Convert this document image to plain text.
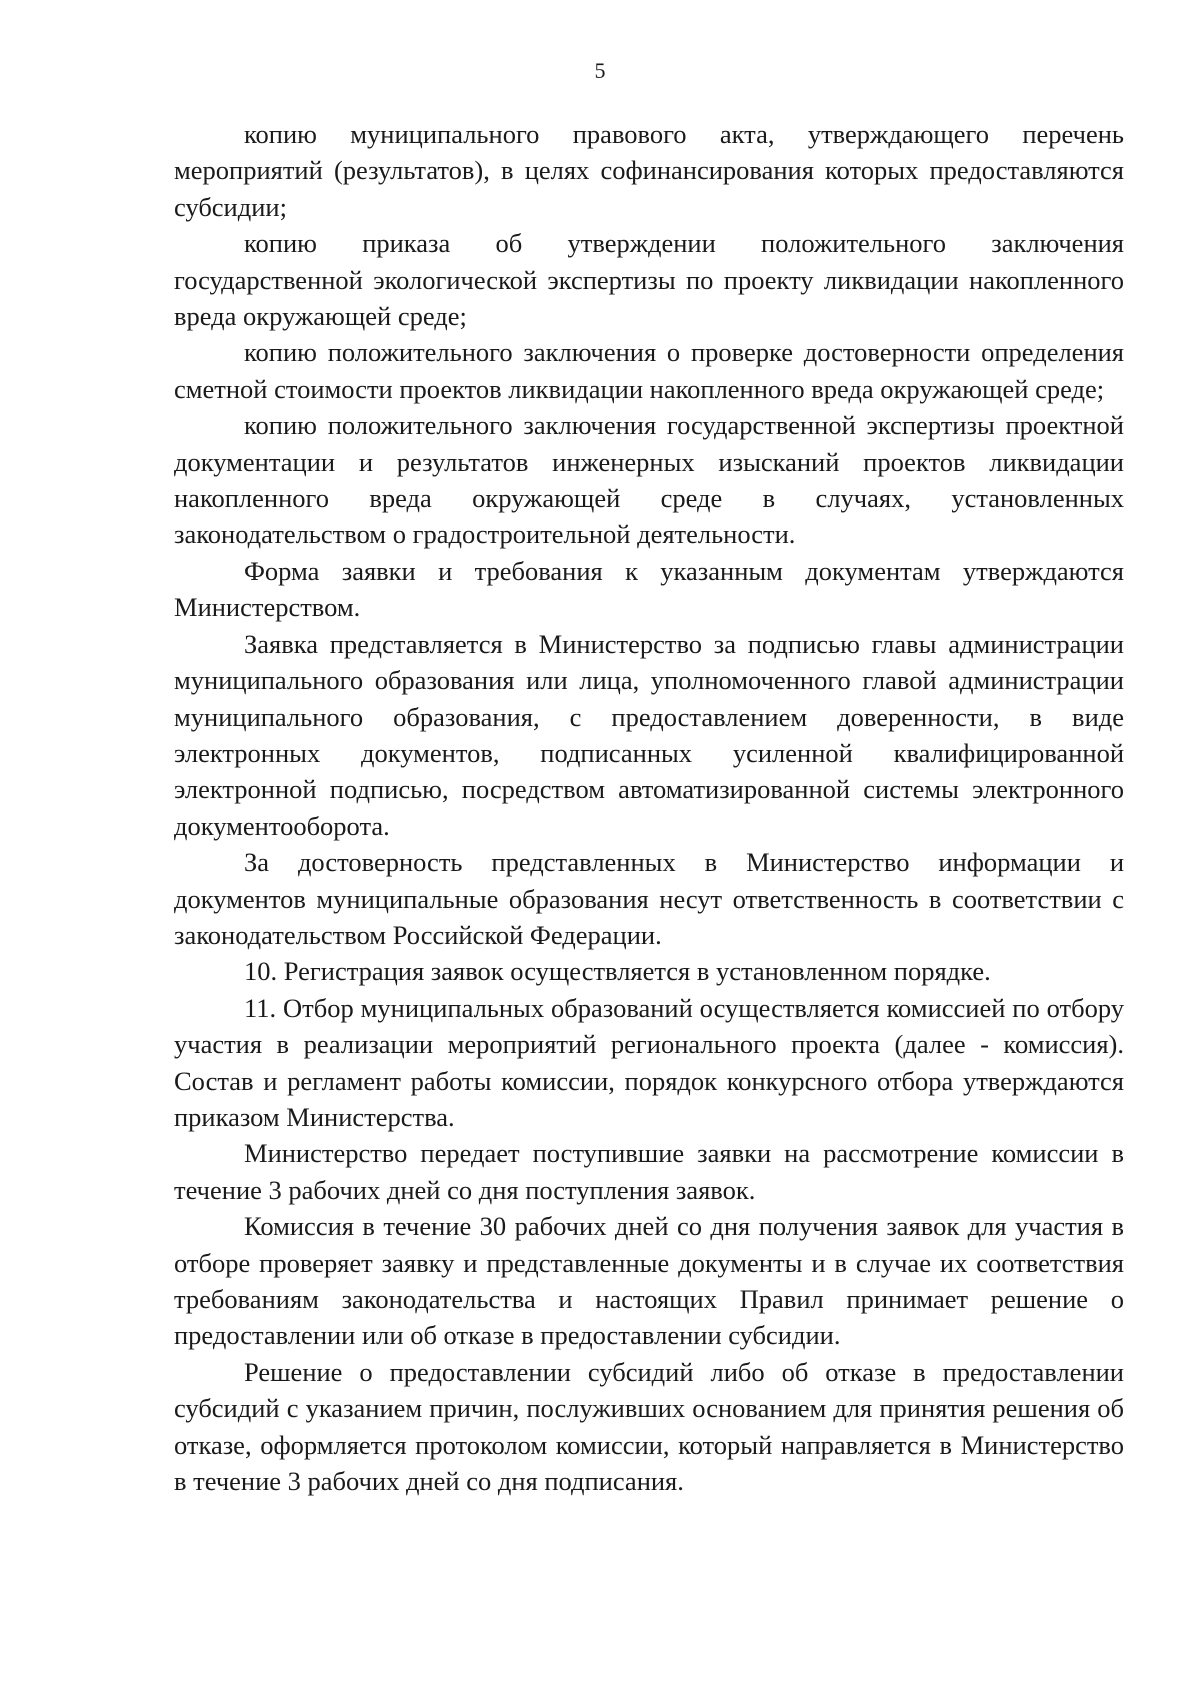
5

копию муниципального правового акта, утверждающего перечень мероприятий (результатов), в целях софинансирования которых предоставляются субсидии;

копию приказа об утверждении положительного заключения государственной экологической экспертизы по проекту ликвидации накопленного вреда окружающей среде;

копию положительного заключения о проверке достоверности определения сметной стоимости проектов ликвидации накопленного вреда окружающей среде;

копию положительного заключения государственной экспертизы проектной документации и результатов инженерных изысканий проектов ликвидации накопленного вреда окружающей среде в случаях, установленных законодательством о градостроительной деятельности.

Форма заявки и требования к указанным документам утверждаются Министерством.

Заявка представляется в Министерство за подписью главы администрации муниципального образования или лица, уполномоченного главой администрации муниципального образования, с предоставлением доверенности, в виде электронных документов, подписанных усиленной квалифицированной электронной подписью, посредством автоматизированной системы электронного документооборота.

За достоверность представленных в Министерство информации и документов муниципальные образования несут ответственность в соответствии с законодательством Российской Федерации.

10. Регистрация заявок осуществляется в установленном порядке.

11. Отбор муниципальных образований осуществляется комиссией по отбору участия в реализации мероприятий регионального проекта (далее - комиссия). Состав и регламент работы комиссии, порядок конкурсного отбора утверждаются приказом Министерства.

Министерство передает поступившие заявки на рассмотрение комиссии в течение 3 рабочих дней со дня поступления заявок.

Комиссия в течение 30 рабочих дней со дня получения заявок для участия в отборе проверяет заявку и представленные документы и в случае их соответствия требованиям законодательства и настоящих Правил принимает решение о предоставлении или об отказе в предоставлении субсидии.

Решение о предоставлении субсидий либо об отказе в предоставлении субсидий с указанием причин, послуживших основанием для принятия решения об отказе, оформляется протоколом комиссии, который направляется в Министерство в течение 3 рабочих дней со дня подписания.
